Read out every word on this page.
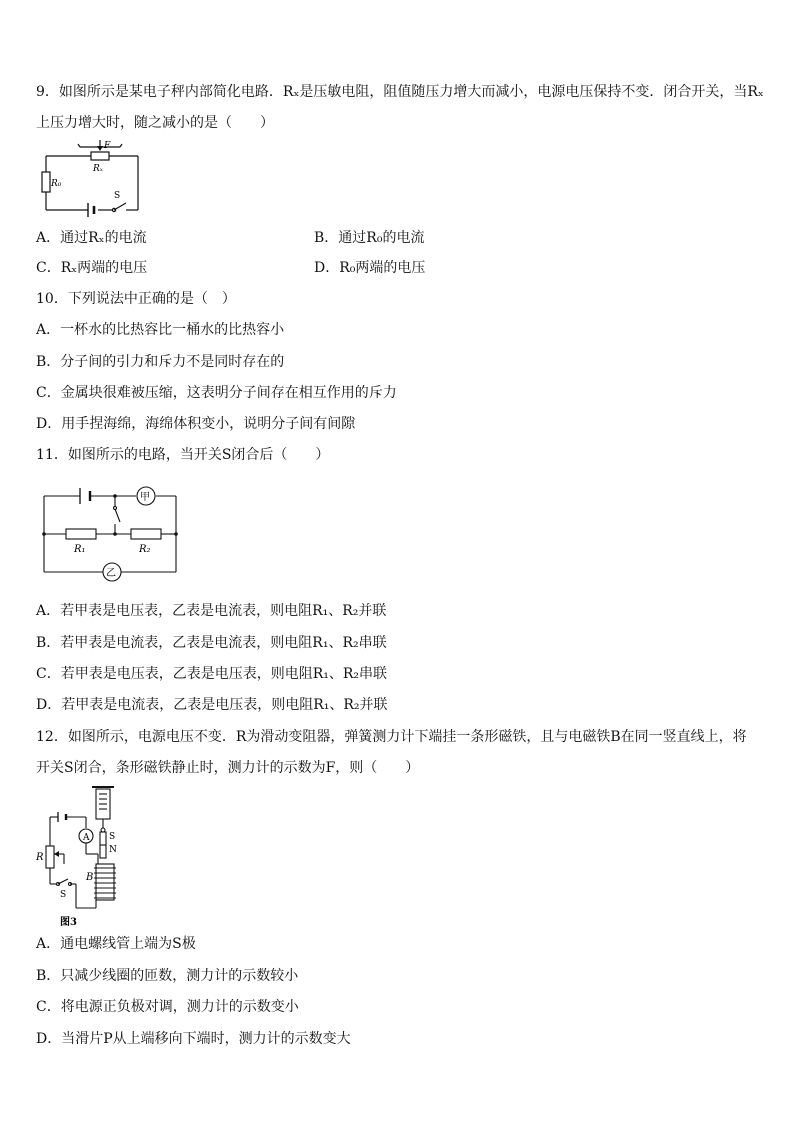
9．如图所示是某电子秤内部简化电路．Rₓ是压敏电阻，阻值随压力增大而减小，电源电压保持不变．闭合开关，当Rₓ
上压力增大时，随之减小的是（　　）
F
Rₓ
R₀
S
A．通过Rₓ的电流	B．通过R₀的电流
C．Rₓ两端的电压	D．R₀两端的电压
10．下列说法中正确的是（　）
A．一杯水的比热容比一桶水的比热容小
B．分子间的引力和斥力不是同时存在的
C．金属块很难被压缩，这表明分子间存在相互作用的斥力
D．用手捏海绵，海绵体积变小，说明分子间有间隙
11．如图所示的电路，当开关S闭合后（　　）
甲
乙
R₁	R₂
A．若甲表是电压表，乙表是电流表，则电阻R₁、R₂并联
B．若甲表是电流表，乙表是电流表，则电阻R₁、R₂串联
C．若甲表是电压表，乙表是电压表，则电阻R₁、R₂串联
D．若甲表是电流表，乙表是电压表，则电阻R₁、R₂并联
12．如图所示，电源电压不变．R为滑动变阻器，弹簧测力计下端挂一条形磁铁，且与电磁铁B在同一竖直线上，将
开关S闭合，条形磁铁静止时，测力计的示数为F，则（　　）
A S
N
R
B
S
图3
A．通电螺线管上端为S极
B．只减少线圈的匝数，测力计的示数较小
C．将电源正负极对调，测力计的示数变小
D．当滑片P从上端移向下端时，测力计的示数变大
